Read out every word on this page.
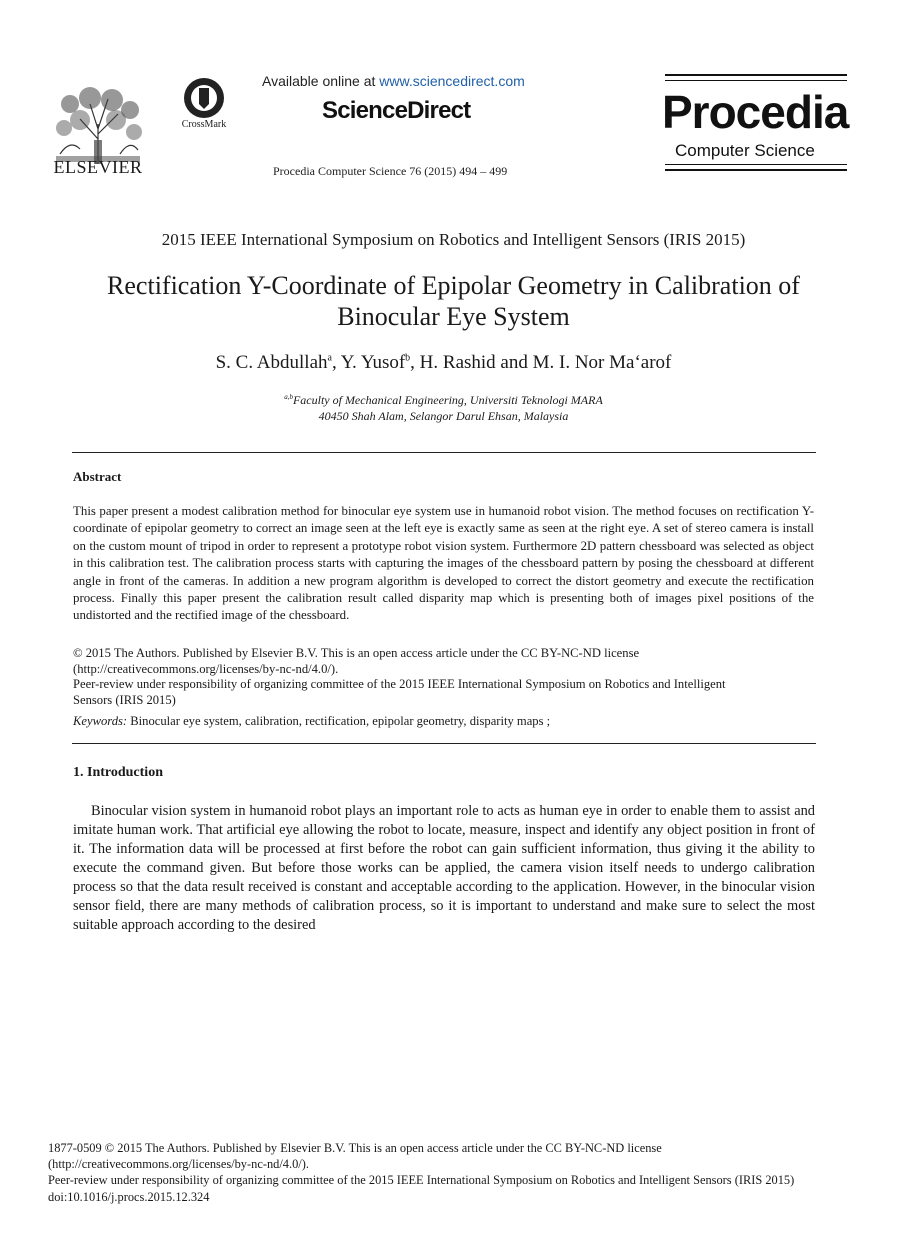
ELSEVIER
CrossMark
Available online at www.sciencedirect.com
ScienceDirect
Procedia Computer Science 76 (2015) 494 – 499
Procedia
Computer Science
2015 IEEE International Symposium on Robotics and Intelligent Sensors (IRIS 2015)
Rectification Y-Coordinate of Epipolar Geometry in Calibration of
Binocular Eye System
S. C. Abdullah$^a$, Y. Yusof$^b$, H. Rashid and M. I. Nor Ma‘arof
$^{a,b}$Faculty of Mechanical Engineering, Universiti Teknologi MARA
40450 Shah Alam, Selangor Darul Ehsan, Malaysia
Abstract
This paper present a modest calibration method for binocular eye system use in humanoid robot vision. The method focuses on rectification Y-coordinate of epipolar geometry to correct an image seen at the left eye is exactly same as seen at the right eye. A set of stereo camera is install on the custom mount of tripod in order to represent a prototype robot vision system. Furthermore 2D pattern chessboard was selected as object in this calibration test. The calibration process starts with capturing the images of the chessboard pattern by posing the chessboard at different angle in front of the cameras. In addition a new program algorithm is developed to correct the distort geometry and execute the rectification process. Finally this paper present the calibration result called disparity map which is presenting both of images pixel positions of the undistorted and the rectified image of the chessboard.
© 2015 The Authors. Published by Elsevier B.V. This is an open access article under the CC BY-NC-ND license
(http://creativecommons.org/licenses/by-nc-nd/4.0/).
Peer-review under responsibility of organizing committee of the 2015 IEEE International Symposium on Robotics and Intelligent
Sensors (IRIS 2015)
Keywords: Binocular eye system, calibration, rectification, epipolar geometry, disparity maps ;
1. Introduction
Binocular vision system in humanoid robot plays an important role to acts as human eye in order to enable them to assist and imitate human work. That artificial eye allowing the robot to locate, measure, inspect and identify any object position in front of it. The information data will be processed at first before the robot can gain sufficient information, thus giving it the ability to execute the command given. But before those works can be applied, the camera vision itself needs to undergo calibration process so that the data result received is constant and acceptable according to the application. However, in the binocular vision sensor field, there are many methods of calibration process, so it is important to understand and make sure to select the most suitable approach according to the desired
1877-0509 © 2015 The Authors. Published by Elsevier B.V. This is an open access article under the CC BY-NC-ND license
(http://creativecommons.org/licenses/by-nc-nd/4.0/).
Peer-review under responsibility of organizing committee of the 2015 IEEE International Symposium on Robotics and Intelligent Sensors (IRIS 2015)
doi:10.1016/j.procs.2015.12.324
